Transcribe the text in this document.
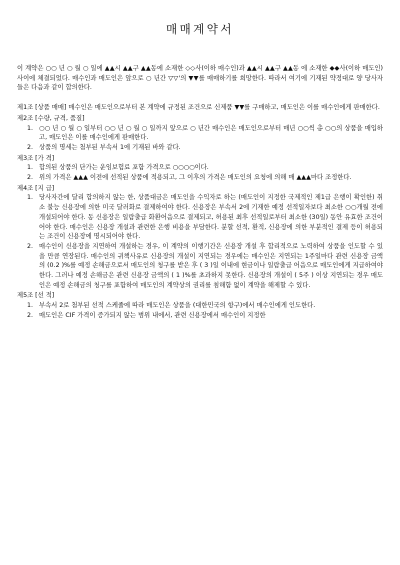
매매계약서

이 계약은 ○○ 년 ○ 월 ○ 일에 ▲▲시 ▲▲구 ▲▲동에 소재한 ◇◇사(이하 매수인)과 ▲▲시 ▲▲구 ▲▲동 에 소재한 ◆◆사(이하 매도인) 사이에 체결되었다. 매수인과 매도인은 앞으로 ○ 년간 ▽▽'의 ▼▼를 매매하기를 희망한다. 따라서 여기에 기재된 약정대로 양 당사자들은 다음과 같이 합의한다.

제1조 [상품 매매] 매수인은 매도인으로부터 본 계약에 규정된 조건으로 신제품 ▼▼를 구매하고, 매도인은 이를 매수인에게 판매한다.

제2조 [수량, 규격, 품질]

1. ○○ 년 ○ 월 ○ 일부터 ○○ 년 ○ 월 ○ 일까지 앞으로 ○ 년간 매수인은 매도인으로부터 매년 ○○씩 총 ○○의 상품을 매입하고, 매도인은 이를 매수인에게 판매한다.
2. 상품의 명세는 첨부된 부속서 1에 기재된 바와 같다.

제3조 [가 격]

1. 합의된 상품의 단가는 운임보험료 포함 가격으로 ○○○○이다.
2. 위의 가격은 ▲▲▲ 이전에 선적된 상품에 적용되고, 그 이후의 가격은 매도인의 요청에 의해 매 ▲▲▲마다 조정한다.

제4조 [지 급]

1. 당사자간에 달리 합의하지 않는 한, 상품대금은 매도인을 수익자로 하는 (매도인이 지정한 국제적인 제1급 은행이 확인한) 취소 불능 신용장에 의한 미국 달러화로 결제하여야 한다. 신용장은 부속서 2에 기재한 예정 선적일자보다 최소한 ○○개월 전에 개설되어야 한다. 동 신용장은 일람출급 화환어음으로 결제되고, 허용된 최후 선적일로부터 최소한 (30일) 동안 유효한 조건이어야 한다. 매수인은 신용장 개설과 관련한 은행 비용을 부담한다. 분할 선적, 환적, 신용장에 의한 부분적인 결제 등이 허용되는 조건이 신용장에 명시되어야 한다.
2. 매수인이 신용장을 지연하여 개설하는 경우, 이 계약의 이행기간은 신용장 개설 후 합리적으로 노력하여 상품을 인도할 수 있을 만큼 연장된다. 매수인의 귀책사유로 신용장의 개설이 지연되는 경우에는 매수인은 지연되는 1주일마다 관련 신용장 금액의 (0.2 )%를 예정 손해금으로서 매도인의 청구를 받은 후 ( 3 )일 이내에 현금이나 일람출급 어음으로 매도인에게 지급하여야 한다. 그러나 예정 손해금은 관련 신용장 금액의 ( 1 )%를 초과하지 못한다. 신용장의 개설이 ( 5주 ) 이상 지연되는 경우 매도인은 예정 손해금의 청구를 포함하여 매도인의 계약상의 권리를 침해함 없이 계약을 해제할 수 있다.

제5조 [선 적]

1. 부속서 2로 첨부된 선적 스케줄에 따라 매도인은 상품을 (대한민국의 항구)에서 매수인에게 인도한다.
2. 매도인은 CIF 가격이 증가되지 않는 범위 내에서, 관련 신용장에서 매수인이 지정한
